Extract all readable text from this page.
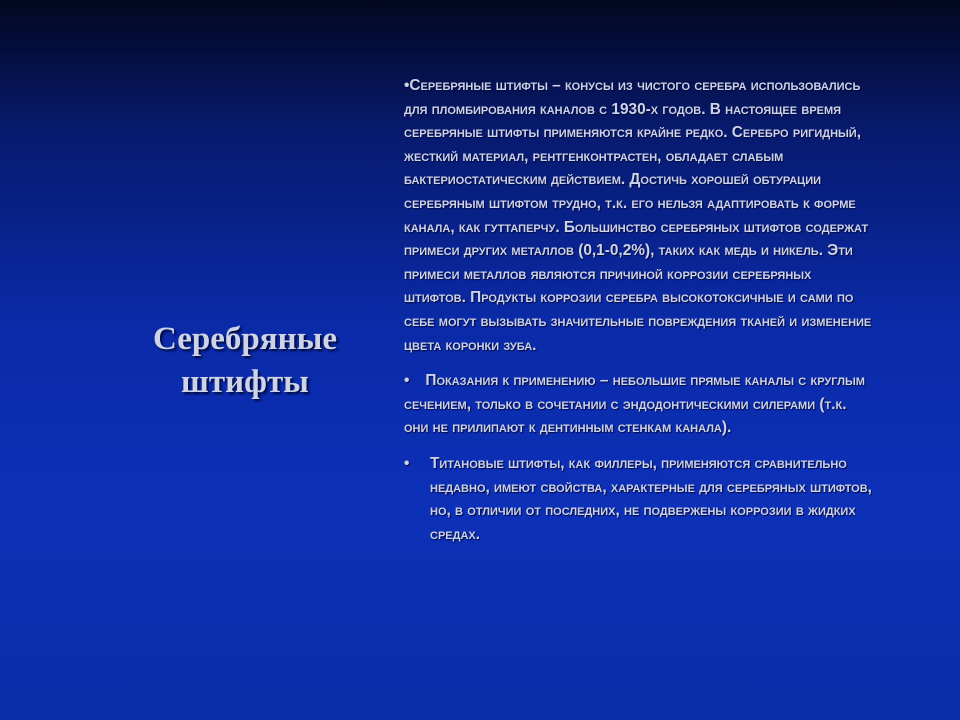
Серебряные
штифты

•Серебряные штифты – конусы из чистого серебра использовались для пломбирования каналов с 1930-х годов. В настоящее время серебряные штифты применяются крайне редко. Серебро ригидный, жесткий материал, рентгенконтрастен, обладает слабым бактериостатическим действием. Достичь хорошей обтурации серебряным штифтом трудно, т.к. его нельзя адаптировать к форме канала, как гуттаперчу. Большинство серебряных штифтов содержат примеси других металлов (0,1-0,2%), таких как медь и никель. Эти примеси металлов являются причиной коррозии серебряных штифтов. Продукты коррозии серебра высокотоксичные и сами по себе могут вызывать значительные повреждения тканей и изменение цвета коронки зуба.

• Показания к применению – небольшие прямые каналы с круглым сечением, только в сочетании с эндодонтическими силерами (т.к. они не прилипают к дентинным стенкам канала).

• Титановые штифты, как филлеры, применяются сравнительно недавно, имеют свойства, характерные для серебряных штифтов, но, в отличии от последних, не подвержены коррозии в жидких средах.
